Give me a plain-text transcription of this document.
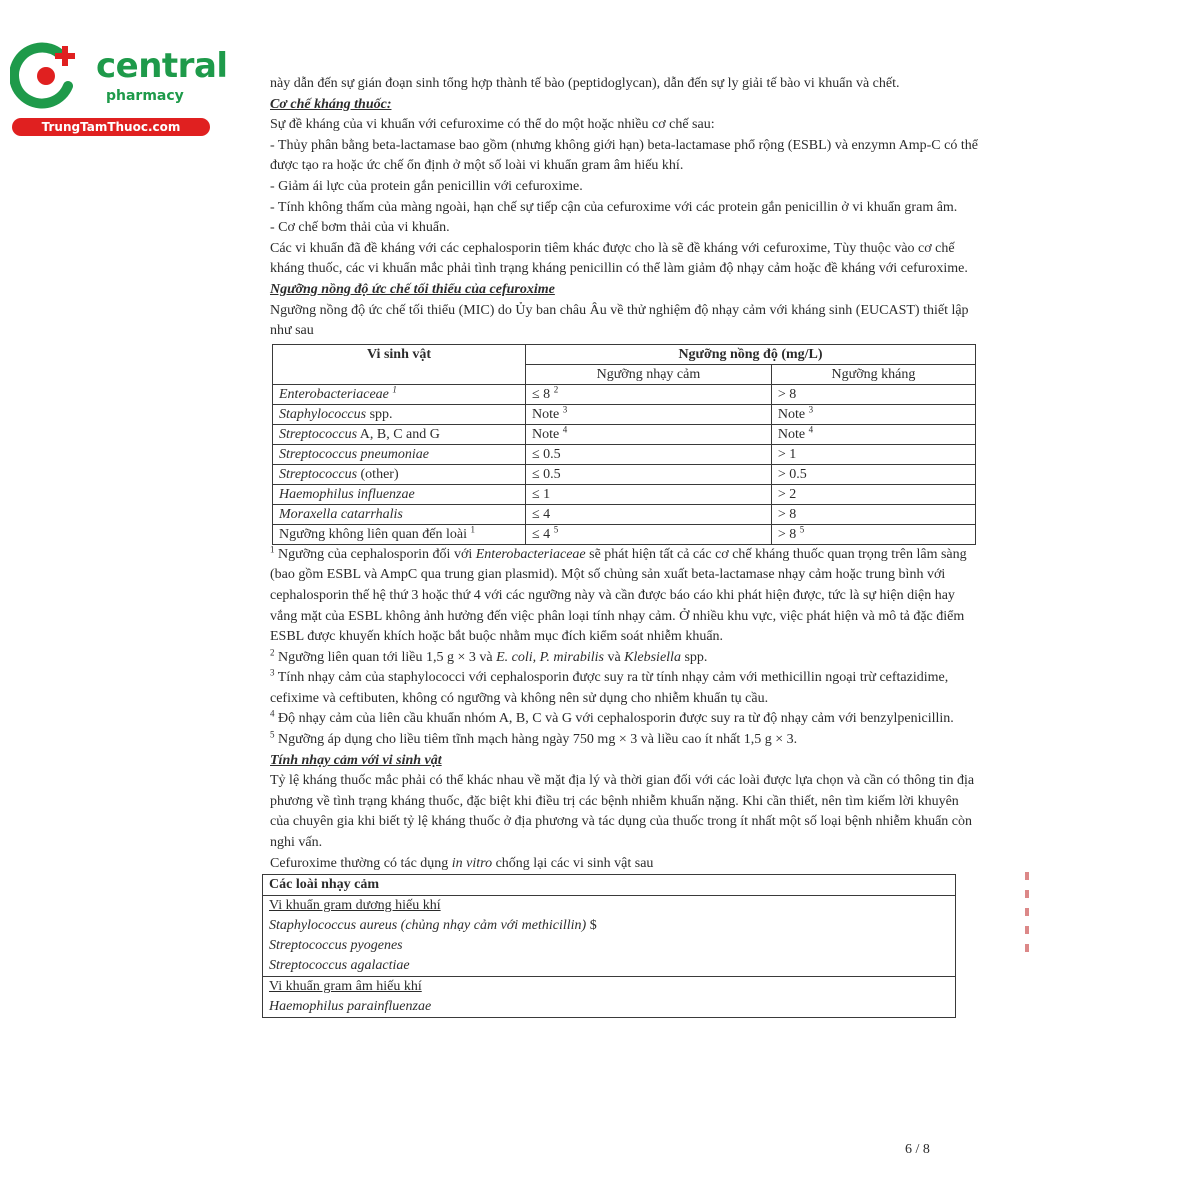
central
pharmacy
TrungTamThuoc.com

này dẫn đến sự gián đoạn sinh tổng hợp thành tế bào (peptidoglycan), dẫn đến sự ly giải tế bào vi khuẩn và chết.

Cơ chế kháng thuốc:

Sự đề kháng của vi khuẩn với cefuroxime có thể do một hoặc nhiều cơ chế sau:

- Thủy phân bằng beta-lactamase bao gồm (nhưng không giới hạn) beta-lactamase phổ rộng (ESBL) và enzymn Amp-C có thể được tạo ra hoặc ức chế ổn định ở một số loài vi khuẩn gram âm hiếu khí.

- Giảm ái lực của protein gắn penicillin với cefuroxime.

- Tính không thấm của màng ngoài, hạn chế sự tiếp cận của cefuroxime với các protein gắn penicillin ở vi khuẩn gram âm.

- Cơ chế bơm thải của vi khuẩn.

Các vi khuẩn đã đề kháng với các cephalosporin tiêm khác được cho là sẽ đề kháng với cefuroxime, Tùy thuộc vào cơ chế kháng thuốc, các vi khuẩn mắc phải tình trạng kháng penicillin có thể làm giảm độ nhạy cảm hoặc đề kháng với cefuroxime.

Ngưỡng nồng độ ức chế tối thiểu của cefuroxime

Ngưỡng nồng độ ức chế tối thiểu (MIC) do Ủy ban châu Âu về thử nghiệm độ nhạy cảm với kháng sinh (EUCAST) thiết lập như sau

Vi sinh vật	Ngưỡng nồng độ (mg/L)	
	Ngưỡng nhạy cảm	Ngưỡng kháng
Enterobacteriaceae $^1$	≤ 8 $^2$	> 8
Staphylococcus spp.	Note $^3$	Note $^3$
Streptococcus A, B, C and G	Note $^4$	Note $^4$
Streptococcus pneumoniae	≤ 0.5	> 1
Streptococcus (other)	≤ 0.5	> 0.5
Haemophilus influenzae	≤ 1	> 2
Moraxella catarrhalis	≤ 4	> 8
Ngưỡng không liên quan đến loài $^1$	≤ 4 $^5$	> 8 $^5$

$^1$ Ngưỡng của cephalosporin đối với Enterobacteriaceae sẽ phát hiện tất cả các cơ chế kháng thuốc quan trọng trên lâm sàng (bao gồm ESBL và AmpC qua trung gian plasmid). Một số chủng sản xuất beta-lactamase nhạy cảm hoặc trung bình với cephalosporin thế hệ thứ 3 hoặc thứ 4 với các ngưỡng này và cần được báo cáo khi phát hiện được, tức là sự hiện diện hay vắng mặt của ESBL không ảnh hưởng đến việc phân loại tính nhạy cảm. Ở nhiều khu vực, việc phát hiện và mô tả đặc điểm ESBL được khuyến khích hoặc bắt buộc nhằm mục đích kiểm soát nhiễm khuẩn.

$^2$ Ngưỡng liên quan tới liều 1,5 g × 3 và E. coli, P. mirabilis và Klebsiella spp.

$^3$ Tính nhạy cảm của staphylococci với cephalosporin được suy ra từ tính nhạy cảm với methicillin ngoại trừ ceftazidime, cefixime và ceftibuten, không có ngưỡng và không nên sử dụng cho nhiễm khuẩn tụ cầu.

$^4$ Độ nhạy cảm của liên cầu khuẩn nhóm A, B, C và G với cephalosporin được suy ra từ độ nhạy cảm với benzylpenicillin.

$^5$ Ngưỡng áp dụng cho liều tiêm tĩnh mạch hàng ngày 750 mg × 3 và liều cao ít nhất 1,5 g × 3.

Tính nhạy cảm với vi sinh vật

Tỷ lệ kháng thuốc mắc phải có thể khác nhau về mặt địa lý và thời gian đối với các loài được lựa chọn và cần có thông tin địa phương về tình trạng kháng thuốc, đặc biệt khi điều trị các bệnh nhiễm khuẩn nặng. Khi cần thiết, nên tìm kiếm lời khuyên của chuyên gia khi biết tỷ lệ kháng thuốc ở địa phương và tác dụng của thuốc trong ít nhất một số loại bệnh nhiễm khuẩn còn nghi vấn.

Cefuroxime thường có tác dụng in vitro chống lại các vi sinh vật sau

Các loài nhạy cảm
Vi khuẩn gram dương hiếu khí
Staphylococcus aureus (chủng nhạy cảm với methicillin) $
Streptococcus pyogenes
Streptococcus agalactiae
Vi khuẩn gram âm hiếu khí
Haemophilus parainfluenzae
6 / 8
